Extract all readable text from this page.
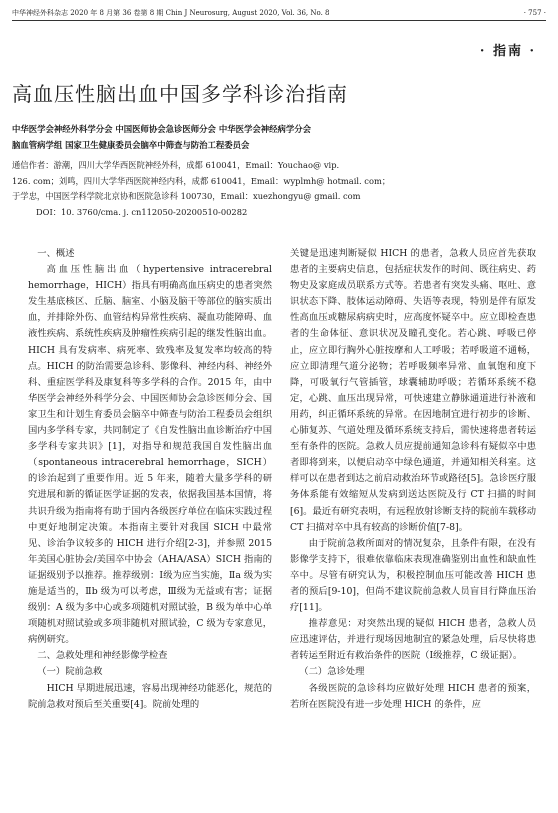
中华神经外科杂志 2020 年 8 月第 36 卷第 8 期 Chin J Neurosurg, August 2020, Vol. 36, No. 8	· 757 ·
· 指南 ·
高血压性脑出血中国多学科诊治指南
中华医学会神经外科学分会 中国医师协会急诊医师分会 中华医学会神经病学分会
脑血管病学组 国家卫生健康委员会脑卒中筛查与防治工程委员会
通信作者：游潮，四川大学华西医院神经外科，成都 610041，Email：Youchao@ vip.
126. com；刘鸣，四川大学华西医院神经内科，成都 610041，Email：wyplmh@ hotmail. com；
于学忠，中国医学科学院北京协和医院急诊科 100730，Email：xuezhongyu@ gmail. com
DOI：10. 3760/cma. j. cn112050-20200510-00282

一、概述

高血压性脑出血（hypertensive intracerebral hemorrhage，HICH）指具有明确高血压病史的患者突然发生基底核区、丘脑、脑室、小脑及脑干等部位的脑实质出血，并排除外伤、血管结构异常性疾病、凝血功能障碍、血液性疾病、系统性疾病及肿瘤性疾病引起的继发性脑出血。HICH 具有发病率、病死率、致残率及复发率均较高的特点。HICH 的防治需要急诊科、影像科、神经内科、神经外科、重症医学科及康复科等多学科的合作。2015 年，由中华医学会神经外科学分会、中国医师协会急诊医师分会、国家卫生和计划生育委员会脑卒中筛查与防治工程委员会组织国内多学科专家，共同制定了《自发性脑出血诊断治疗中国多学科专家共识》[1]，对指导和规范我国自发性脑出血（spontaneous intracerebral hemorrhage，SICH）的诊治起到了重要作用。近 5 年来，随着大量多学科的研究进展和新的循证医学证据的发表，依据我国基本国情，将共识升级为指南将有助于国内各级医疗单位在临床实践过程中更好地制定决策。本指南主要针对我国 SICH 中最常见、诊治争议较多的 HICH 进行介绍[2-3]，并参照 2015 年美国心脏协会/美国卒中协会（AHA/ASA）SICH 指南的证据级别予以推荐。推荐级别：Ⅰ级为应当实施，Ⅱa 级为实施是适当的，Ⅱb 级为可以考虑，Ⅲ级为无益或有害；证据级别：A 级为多中心或多项随机对照试验，B 级为单中心单项随机对照试验或多项非随机对照试验，C 级为专家意见，病例研究。

二、急救处理和神经影像学检查

（一）院前急救

HICH 早期进展迅速，容易出现神经功能恶化，规范的院前急救对预后至关重要[4]。院前处理的

关键是迅速判断疑似 HICH 的患者，急救人员应首先获取患者的主要病史信息，包括症状发作的时间、既往病史、药物史及家庭成员联系方式等。若患者有突发头痛、呕吐、意识状态下降、肢体运动障碍、失语等表现，特别是伴有原发性高血压或糖尿病病史时，应高度怀疑卒中。应立即检查患者的生命体征、意识状况及瞳孔变化。若心跳、呼吸已停止，应立即行胸外心脏按摩和人工呼吸；若呼吸道不通畅，应立即清理气道分泌物；若呼吸频率异常、血氧饱和度下降，可吸氧行气管插管，球囊辅助呼吸；若循环系统不稳定，心跳、血压出现异常，可快速建立静脉通道进行补液和用药，纠正循环系统的异常。在因地制宜进行初步的诊断、心肺复苏、气道处理及循环系统支持后，需快速将患者转运至有条件的医院。急救人员应提前通知急诊科有疑似卒中患者即将到来，以便启动卒中绿色通道，并通知相关科室。这样可以在患者到达之前启动救治环节或路径[5]。急诊医疗服务体系能有效缩短从发病到送达医院及行 CT 扫描的时间[6]。最近有研究表明，有远程放射诊断支持的院前车载移动 CT 扫描对卒中具有较高的诊断价值[7-8]。

由于院前急救所面对的情况复杂，且条件有限，在没有影像学支持下，很难依靠临床表现准确鉴别出血性和缺血性卒中。尽管有研究认为，积极控制血压可能改善 HICH 患者的预后[9-10]，但尚不建议院前急救人员盲目行降血压治疗[11]。

推荐意见：对突然出现的疑似 HICH 患者，急救人员应迅速评估，并进行现场因地制宜的紧急处理，后尽快将患者转运至附近有救治条件的医院（Ⅰ级推荐，C 级证据）。

（二）急诊处理

各级医院的急诊科均应做好处理 HICH 患者的预案，若所在医院没有进一步处理 HICH 的条件，应
